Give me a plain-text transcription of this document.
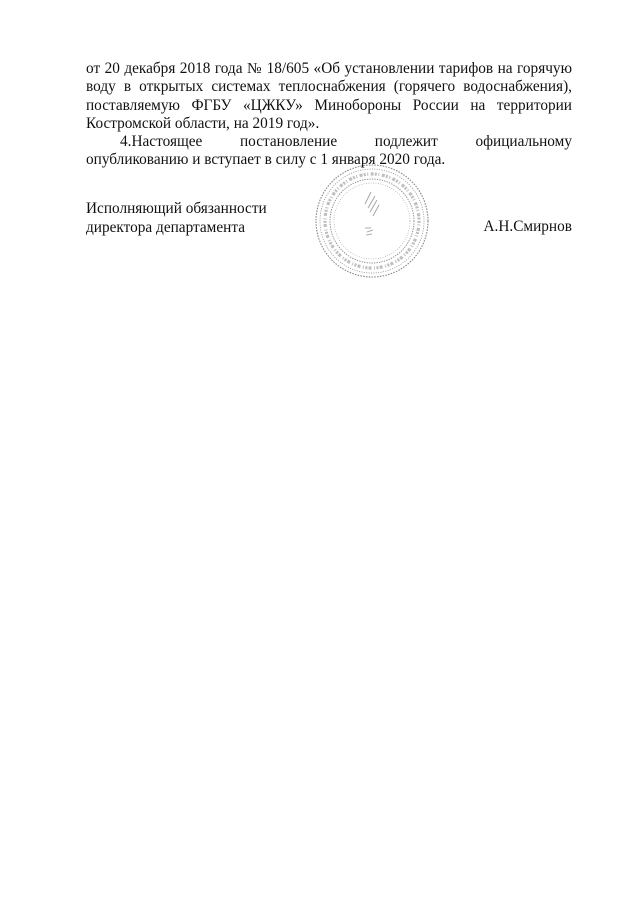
от 20 декабря 2018 года № 18/605 «Об установлении тарифов на горячую воду в открытых системах теплоснабжения (горячего водоснабжения), поставляемую ФГБУ «ЦЖКУ» Минобороны России на территории Костромской области, на 2019 год».

4.Настоящее постановление подлежит официальному опубликованию и вступает в силу с 1 января 2020 года.

Исполняющий обязанности
директора департамента	А.Н.Смирнов
